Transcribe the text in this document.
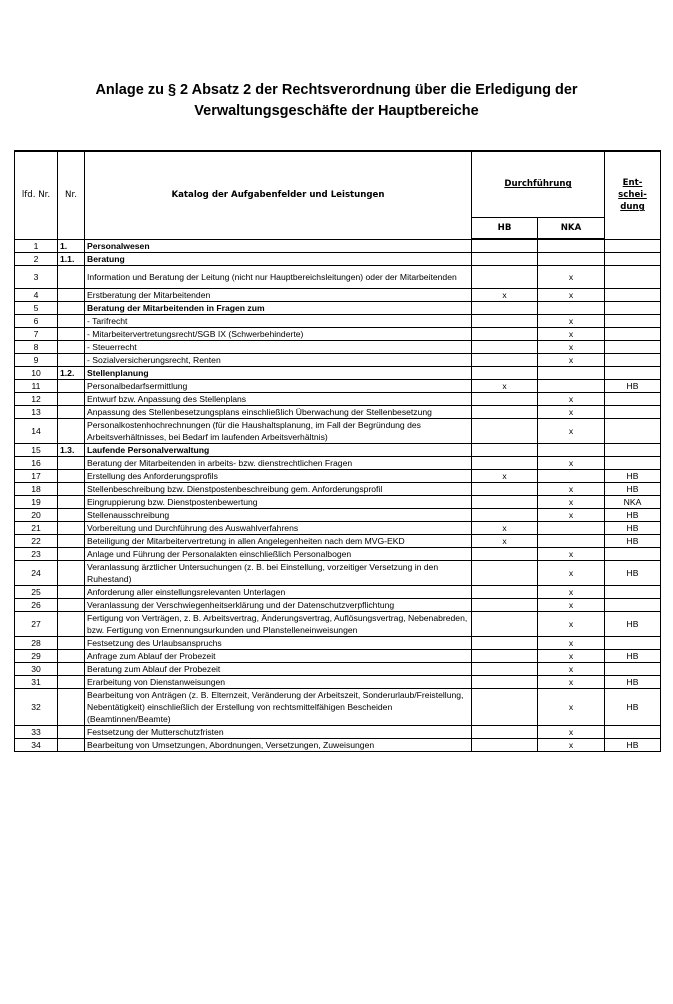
Anlage zu § 2 Absatz 2 der Rechtsverordnung über die Erledigung der
Verwaltungsgeschäfte der Hauptbereiche
lfd. Nr.	Nr.	Katalog der Aufgabenfelder und Leistungen	Durchführung		Ent-
schei-
dung
			HB	NKA	
1	1.	Personalwesen			
2	1.1.	Beratung			
3		Information und Beratung der Leitung (nicht nur Hauptbereichsleitungen) oder der Mitarbeitenden		x	
4		Erstberatung der Mitarbeitenden	x	x	
5		Beratung der Mitarbeitenden in Fragen zum			
6		- Tarifrecht		x	
7		- Mitarbeitervertretungsrecht/SGB IX (Schwerbehinderte)		x	
8		- Steuerrecht		x	
9		- Sozialversicherungsrecht, Renten		x	
10	1.2.	Stellenplanung			
11		Personalbedarfsermittlung	x		HB
12		Entwurf bzw. Anpassung des Stellenplans		x	
13		Anpassung des Stellenbesetzungsplans einschließlich Überwachung der Stellenbesetzung		x	
14		Personalkostenhochrechnungen (für die Haushaltsplanung, im Fall der Begründung des Arbeitsverhältnisses, bei Bedarf im laufenden Arbeitsverhältnis)		x	
15	1.3.	Laufende Personalverwaltung			
16		Beratung der Mitarbeitenden in arbeits- bzw. dienstrechtlichen Fragen		x	
17		Erstellung des Anforderungsprofils	x		HB
18		Stellenbeschreibung bzw. Dienstpostenbeschreibung gem. Anforderungsprofil		x	HB
19		Eingruppierung bzw. Dienstpostenbewertung		x	NKA
20		Stellenausschreibung		x	HB
21		Vorbereitung und Durchführung des Auswahlverfahrens	x		HB
22		Beteiligung der Mitarbeitervertretung in allen Angelegenheiten nach dem MVG-EKD	x		HB
23		Anlage und Führung der Personalakten einschließlich Personalbogen		x	
24		Veranlassung ärztlicher Untersuchungen (z. B. bei Einstellung, vorzeitiger Versetzung in den Ruhestand)		x	HB
25		Anforderung aller einstellungsrelevanten Unterlagen		x	
26		Veranlassung der Verschwiegenheitserklärung und der Datenschutzverpflichtung		x	
27		Fertigung von Verträgen, z. B. Arbeitsvertrag, Änderungsvertrag, Auflösungsvertrag, Nebenabreden, bzw. Fertigung von Ernennungsurkunden und Planstelleneinweisungen		x	HB
28		Festsetzung des Urlaubsanspruchs		x	
29		Anfrage zum Ablauf der Probezeit		x	HB
30		Beratung zum Ablauf der Probezeit		x	
31		Erarbeitung von Dienstanweisungen		x	HB
32		Bearbeitung von Anträgen (z. B. Elternzeit, Veränderung der Arbeitszeit, Sonderurlaub/Freistellung, Nebentätigkeit) einschließlich der Erstellung von rechtsmittelfähigen Bescheiden (Beamtinnen/Beamte)		x	HB
33		Festsetzung der Mutterschutzfristen		x	
34		Bearbeitung von Umsetzungen, Abordnungen, Versetzungen, Zuweisungen		x	HB
